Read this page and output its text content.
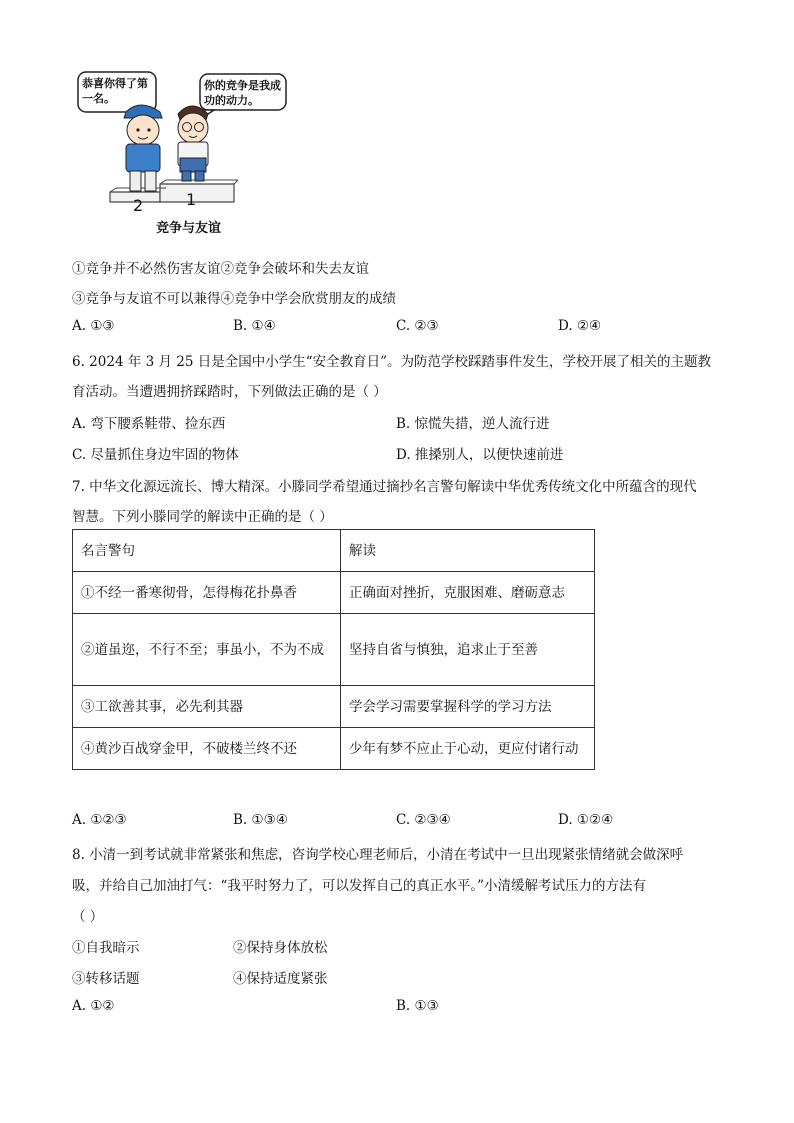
恭喜你得了第一名。
你的竞争是我成功的动力。
2	1
竞争与友谊
①竞争并不必然伤害友谊②竞争会破坏和失去友谊
③竞争与友谊不可以兼得④竞争中学会欣赏朋友的成绩
A. ①③	B. ①④	C. ②③	D. ②④
6. 2024 年 3 月 25 日是全国中小学生“安全教育日”。为防范学校踩踏事件发生，学校开展了相关的主题教
育活动。当遭遇拥挤踩踏时，下列做法正确的是（ ）
A. 弯下腰系鞋带、捡东西	B. 惊慌失措，逆人流行进
C. 尽量抓住身边牢固的物体	D. 推搡别人，以便快速前进
7. 中华文化源远流长、博大精深。小滕同学希望通过摘抄名言警句解读中华优秀传统文化中所蕴含的现代
智慧。下列小滕同学的解读中正确的是（ ）
名言警句	解读
①不经一番寒彻骨，怎得梅花扑鼻香	正确面对挫折，克服困难、磨砺意志
②道虽迩，不行不至；事虽小，不为不成	坚持自省与慎独，追求止于至善
③工欲善其事，必先利其器	学会学习需要掌握科学的学习方法
④黄沙百战穿金甲，不破楼兰终不还	少年有梦不应止于心动，更应付诸行动
A. ①②③	B. ①③④	C. ②③④	D. ①②④
8. 小清一到考试就非常紧张和焦虑，咨询学校心理老师后，小清在考试中一旦出现紧张情绪就会做深呼
吸，并给自己加油打气：“我平时努力了，可以发挥自己的真正水平。”小清缓解考试压力的方法有
（ ）
①自我暗示	②保持身体放松
③转移话题	④保持适度紧张
A. ①②	B. ①③
